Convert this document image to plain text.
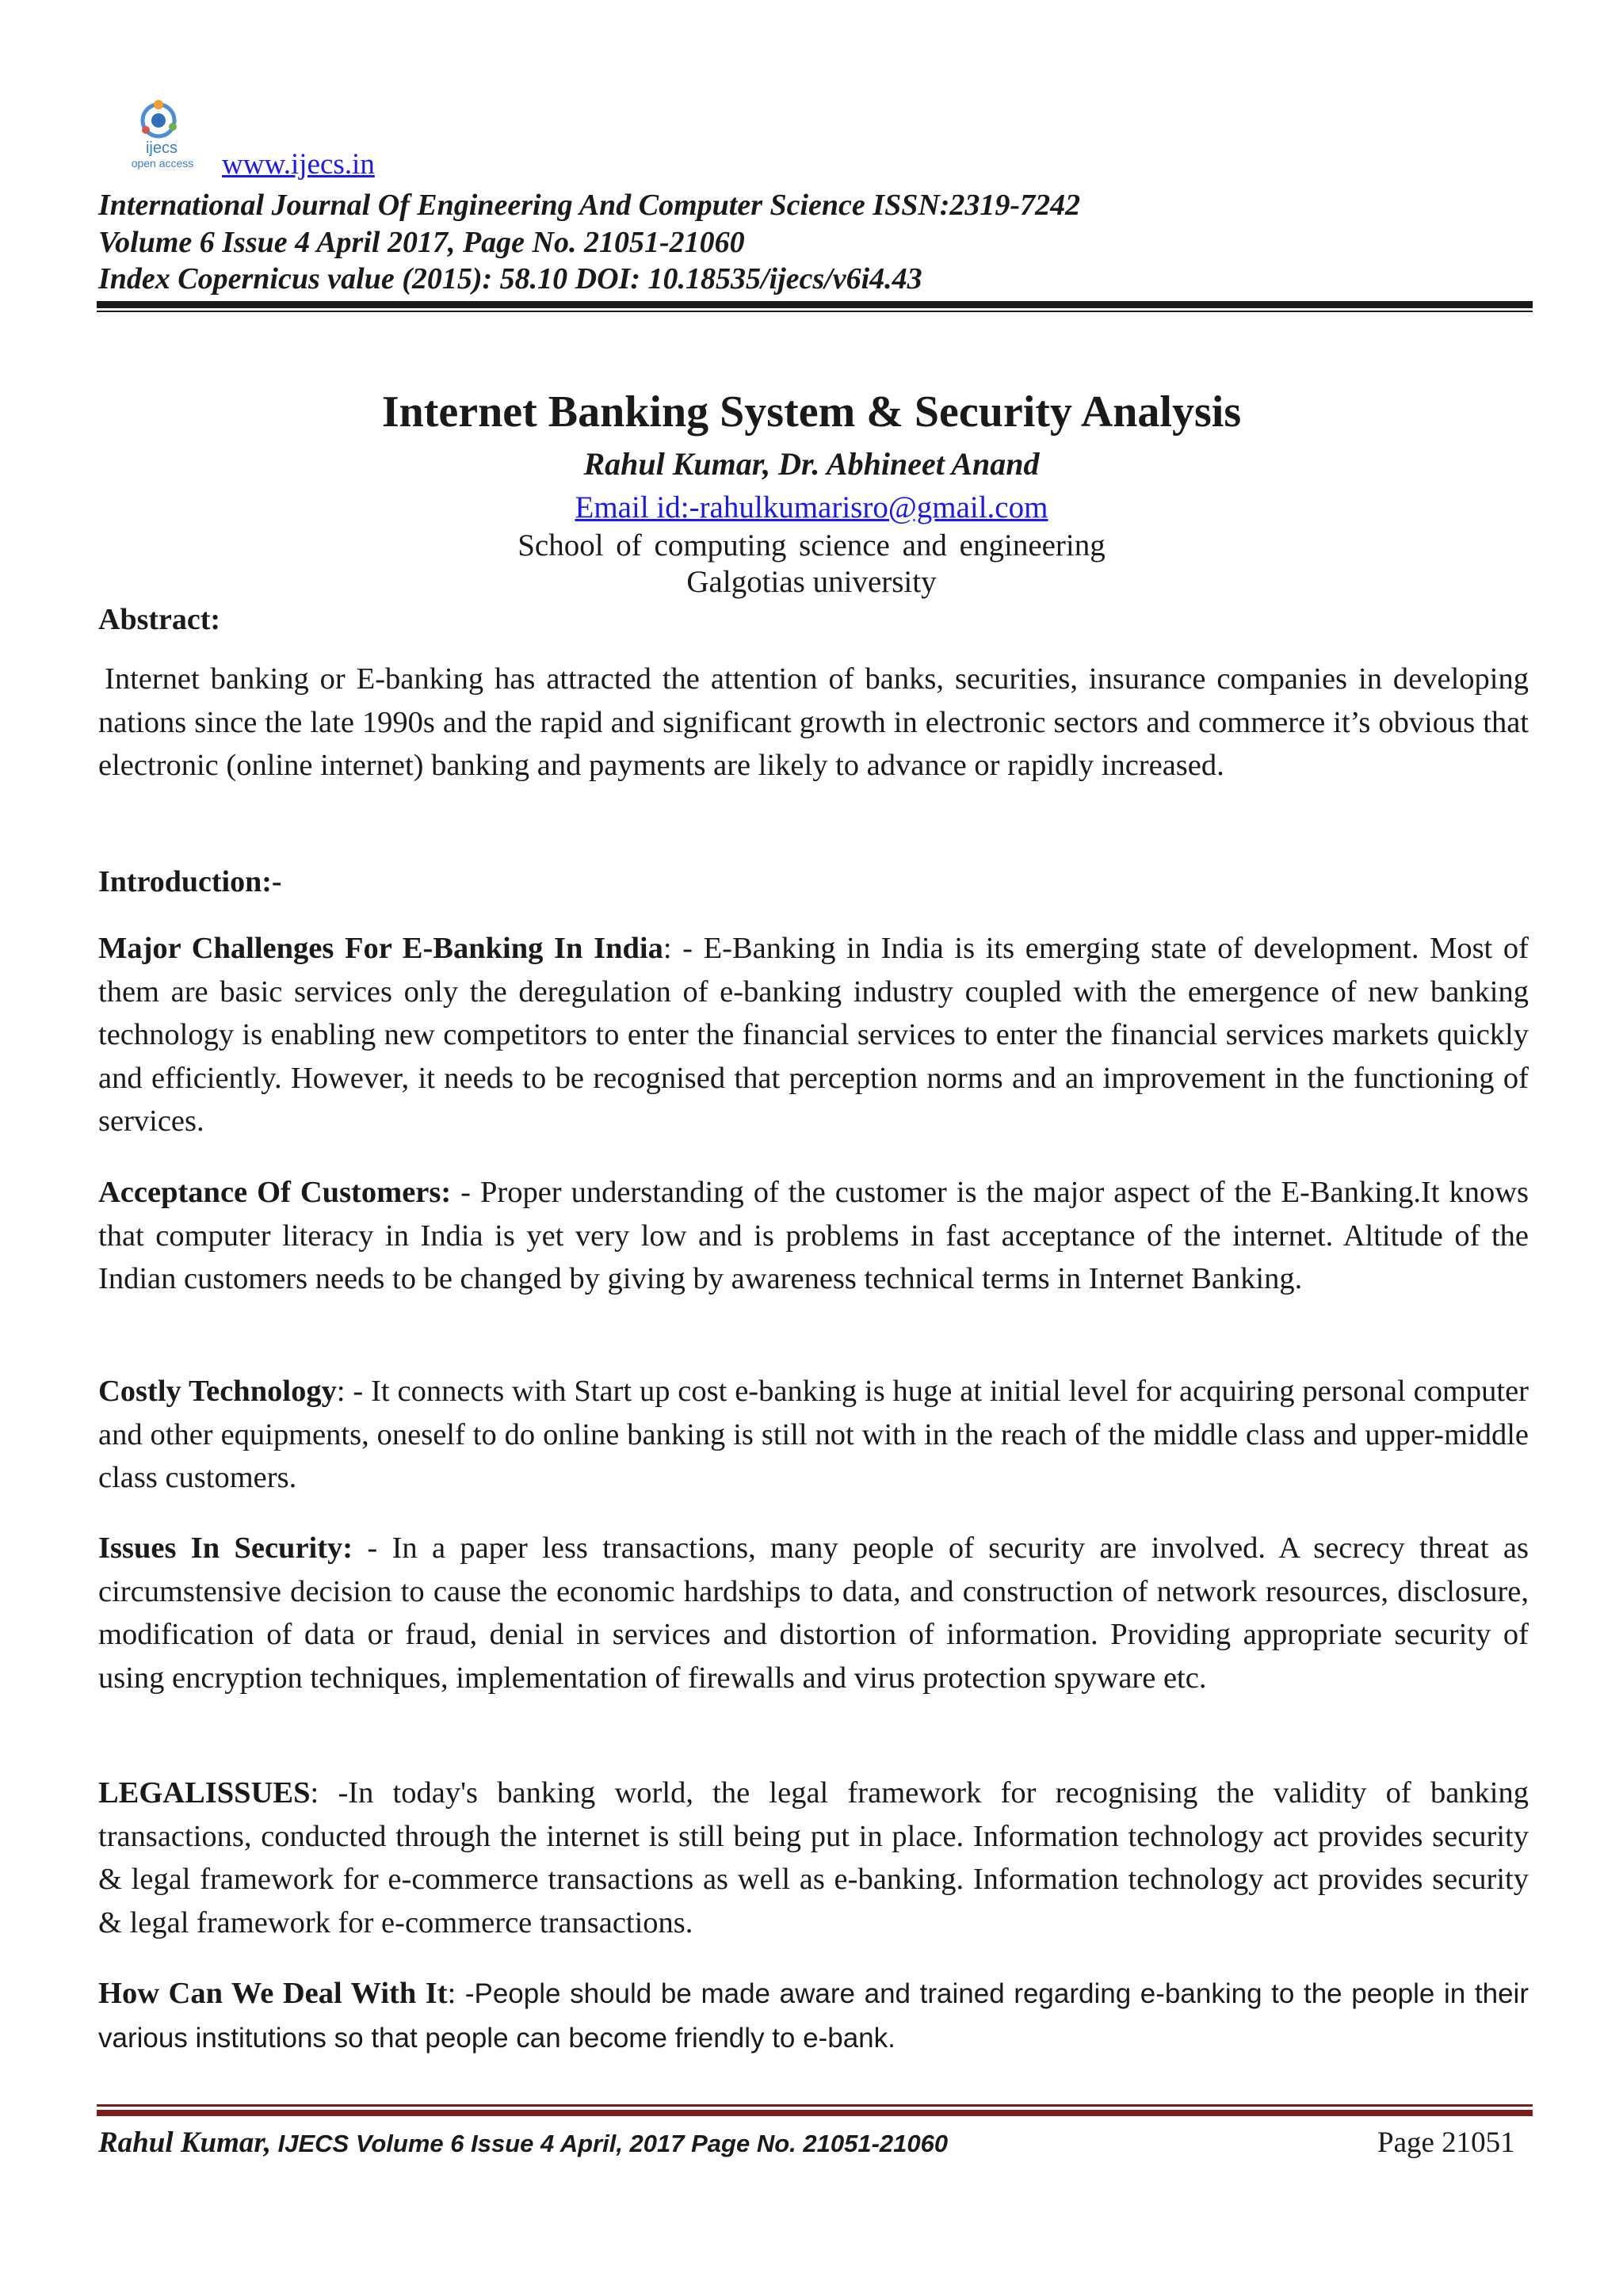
ijecs
open access www.ijecs.in
International Journal Of Engineering And Computer Science ISSN:2319-7242
Volume 6 Issue 4 April 2017, Page No. 21051-21060
Index Copernicus value (2015): 58.10 DOI: 10.18535/ijecs/v6i4.43
Internet Banking System & Security Analysis
Rahul Kumar, Dr. Abhineet Anand
Email id:-rahulkumarisro@gmail.com
School of computing science and engineering
Galgotias university
Abstract:
Internet banking or E-banking has attracted the attention of banks, securities, insurance companies in developing nations since the late 1990s and the rapid and significant growth in electronic sectors and commerce it’s obvious that electronic (online internet) banking and payments are likely to advance or rapidly increased.
Introduction:-
Major Challenges For E-Banking In India: - E-Banking in India is its emerging state of development. Most of them are basic services only the deregulation of e-banking industry coupled with the emergence of new banking technology is enabling new competitors to enter the financial services to enter the financial services markets quickly and efficiently. However, it needs to be recognised that perception norms and an improvement in the functioning of services.
Acceptance Of Customers: - Proper understanding of the customer is the major aspect of the E-Banking.It knows that computer literacy in India is yet very low and is problems in fast acceptance of the internet. Altitude of the Indian customers needs to be changed by giving by awareness technical terms in Internet Banking.
Costly Technology: - It connects with Start up cost e-banking is huge at initial level for acquiring personal computer and other equipments, oneself to do online banking is still not with in the reach of the middle class and upper-middle class customers.
Issues In Security: - In a paper less transactions, many people of security are involved. A secrecy threat as circumstensive decision to cause the economic hardships to data, and construction of network resources, disclosure, modification of data or fraud, denial in services and distortion of information. Providing appropriate security of using encryption techniques, implementation of firewalls and virus protection spyware etc.
LEGALISSUES: -In today's banking world, the legal framework for recognising the validity of banking transactions, conducted through the internet is still being put in place. Information technology act provides security & legal framework for e-commerce transactions as well as e-banking. Information technology act provides security & legal framework for e-commerce transactions.
How Can We Deal With It: -People should be made aware and trained regarding e-banking to the people in their various institutions so that people can become friendly to e-bank.
Rahul Kumar, IJECS Volume 6 Issue 4 April, 2017 Page No. 21051-21060	Page 21051
